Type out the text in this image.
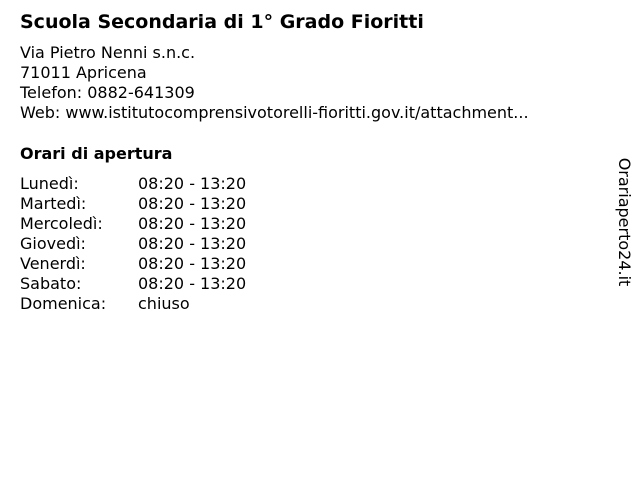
Scuola Secondaria di 1° Grado Fioritti
Via Pietro Nenni s.n.c.
71011 Apricena
Telefon: 0882-641309
Web: www.istitutocomprensivotorelli-fioritti.gov.it/attachment...
Orari di apertura
Lunedì:	08:20 - 13:20
Martedì:	08:20 - 13:20
Mercoledì: 08:20 - 13:20
Giovedì:	08:20 - 13:20
Venerdì:	08:20 - 13:20
Sabato:	08:20 - 13:20
Domenica: chiuso
Orariaperto24.it
